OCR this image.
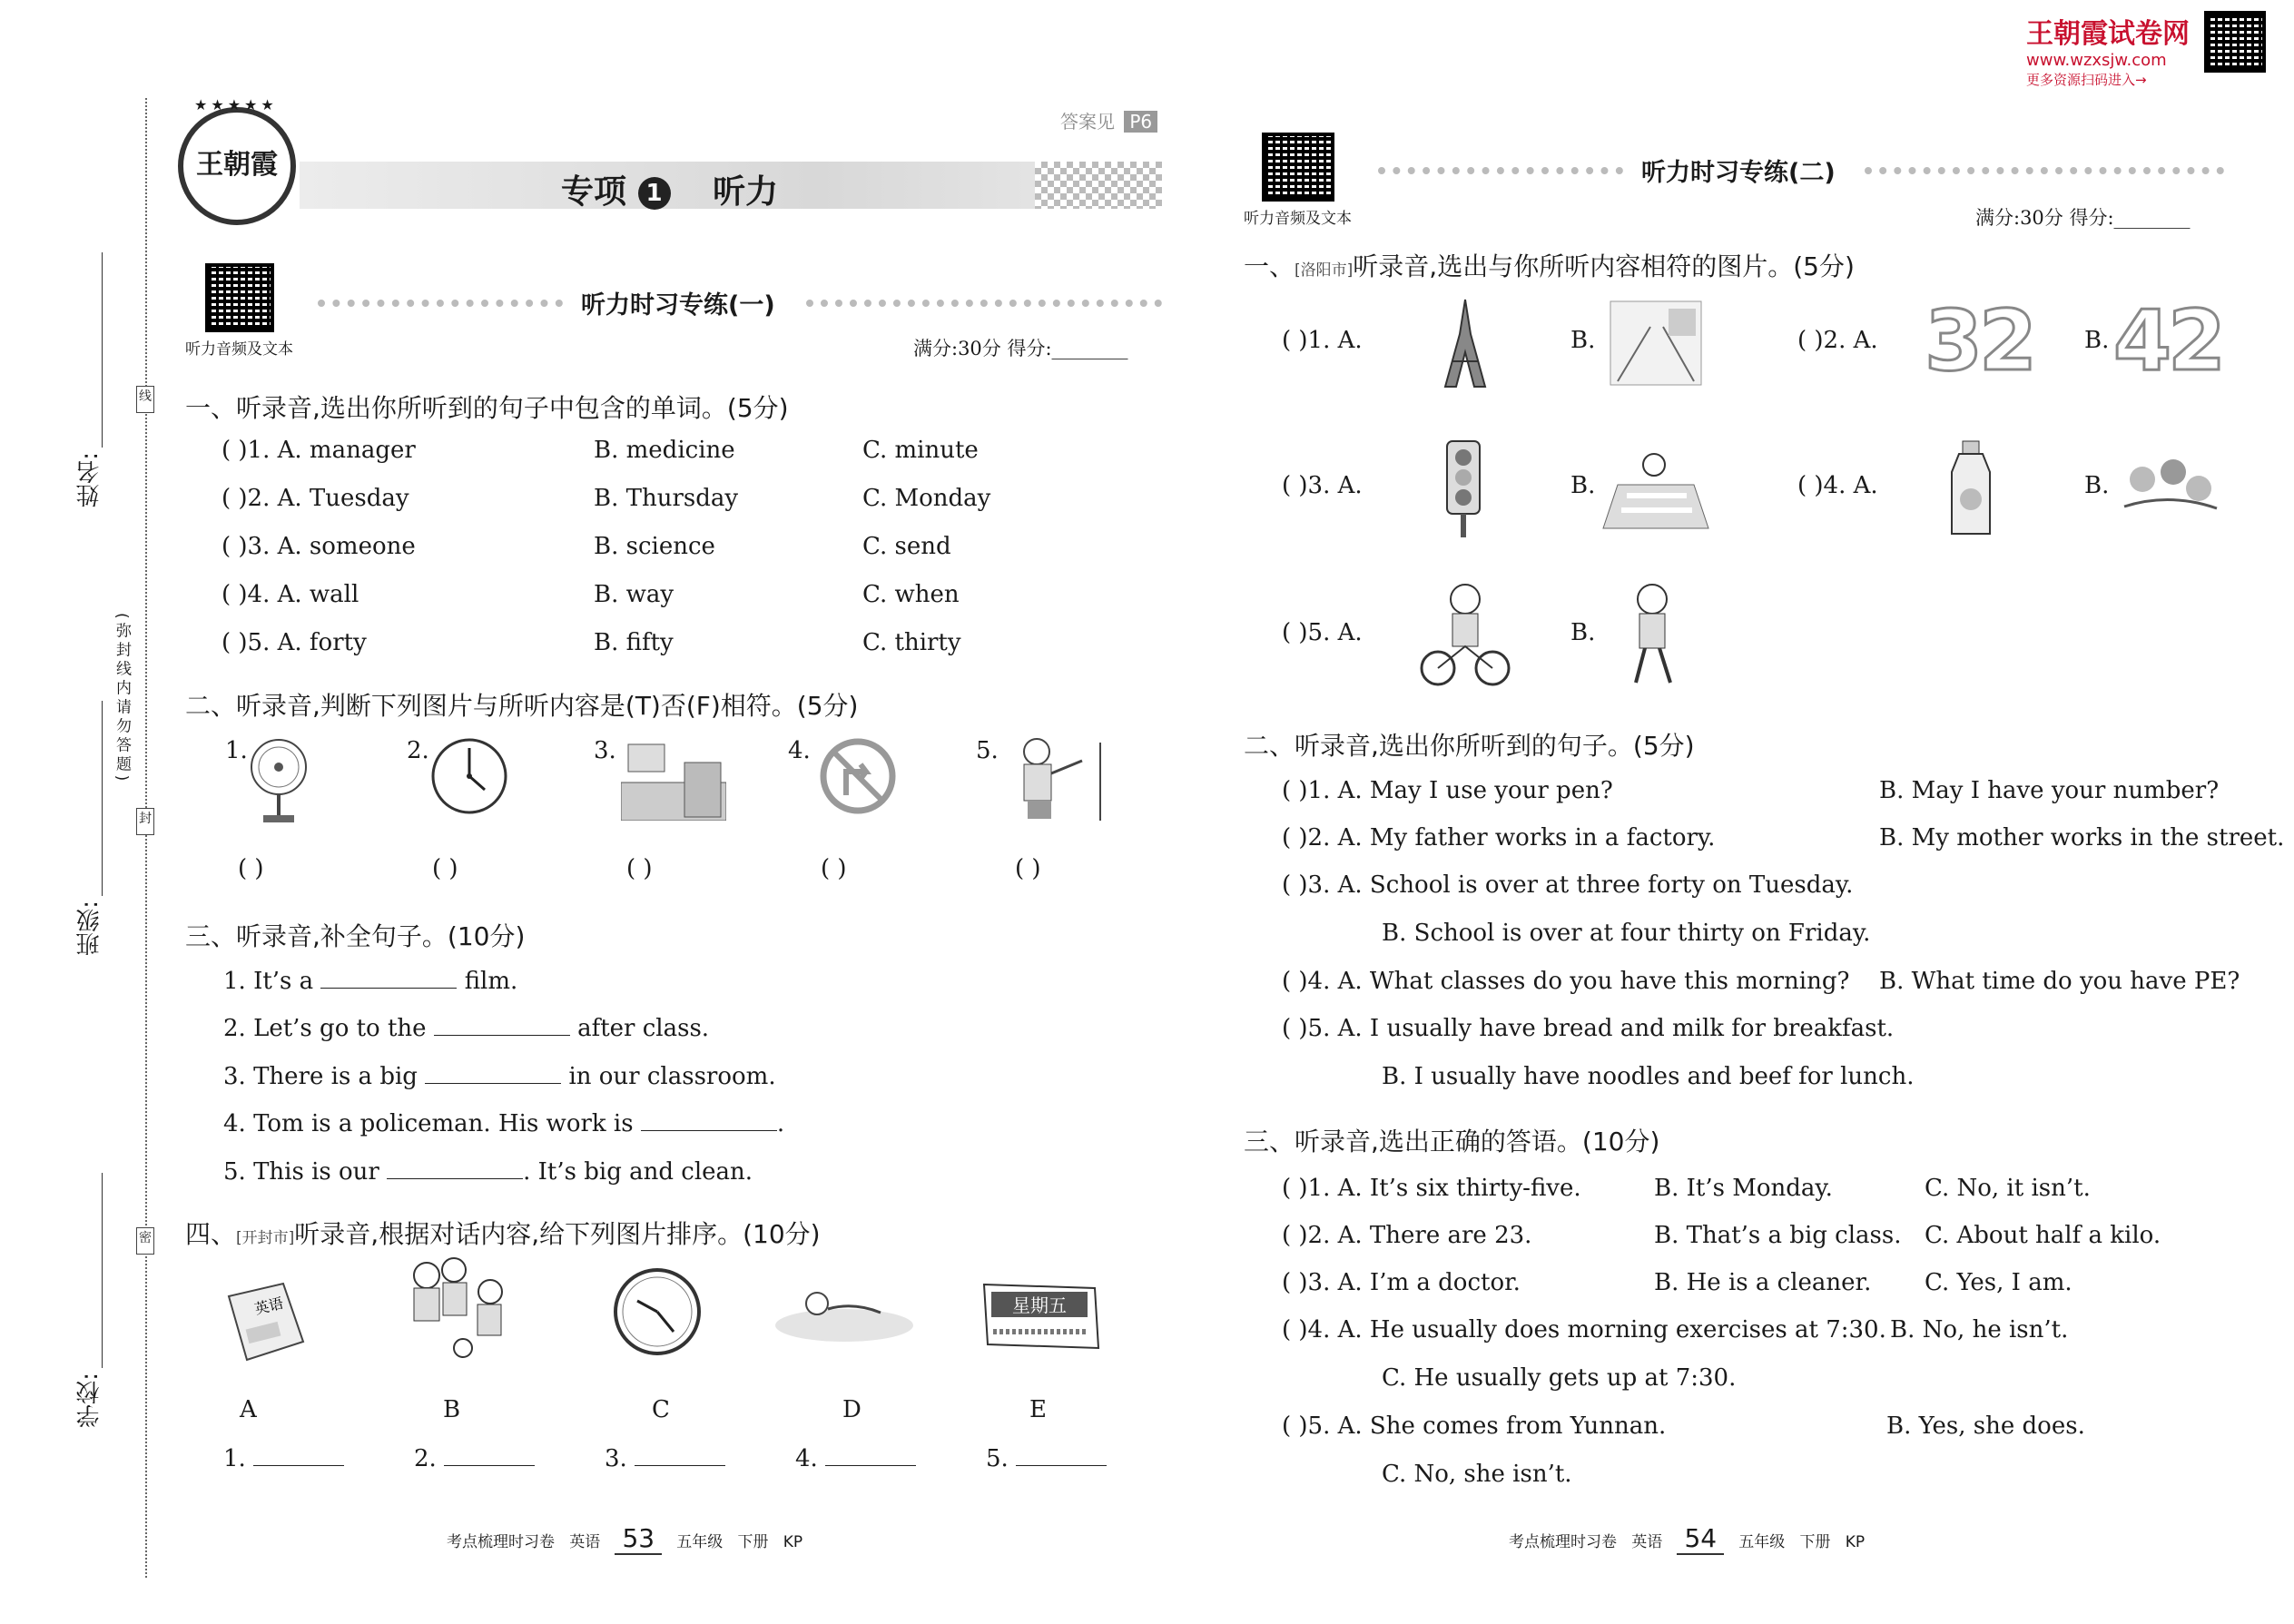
王朝霞试卷网
www.wzxsjw.com
更多资源扫码进入→
姓名:
班级:
学校:
(弥封线内请勿答题)
线
封
密
王朝霞
★★★★★
答案见 P6
专项 1 听力
听力音频及文本
听力时习专练(一)
满分:30分 得分:________
一、听录音,选出你所听到的句子中包含的单词。(5分)
( )1. A. manager	B. medicine	C. minute
( )2. A. Tuesday	B. Thursday	C. Monday
( )3. A. someone	B. science	C. send
( )4. A. wall	B. way	C. when
( )5. A. forty	B. fifty	C. thirty
二、听录音,判断下列图片与所听内容是(T)否(F)相符。(5分)
1.	2.	3.	4.	5.
( )	( )	( )	( )	( )
三、听录音,补全句子。(10分)
1. It’s a	film.
2. Let’s go to the	after class.
3. There is a big	in our classroom.
4. Tom is a policeman. His work is	.
5. This is our	. It’s big and clean.
四、[开封市]听录音,根据对话内容,给下列图片排序。(10分)
英语	星期五
A	B	C	D	E
1.	2.	3.	4.	5.
考点梳理时习卷 英语 53 五年级 下册 KP
听力音频及文本
听力时习专练(二)
满分:30分 得分:________
一、[洛阳市]听录音,选出与你所听内容相符的图片。(5分)
( )1. A.	B.	( )2. A. 32 B. 42
( )3. A.	B.	( )4. A.	B.
( )5. A.	B.
二、听录音,选出你所听到的句子。(5分)
( )1. A. May I use your pen?	B. May I have your number?
( )2. A. My father works in a factory.	B. My mother works in the street.
( )3. A. School is over at three forty on Tuesday.
B. School is over at four thirty on Friday.
( )4. A. What classes do you have this morning? B. What time do you have PE?
( )5. A. I usually have bread and milk for breakfast.
B. I usually have noodles and beef for lunch.
三、听录音,选出正确的答语。(10分)
( )1. A. It’s six thirty-five.	B. It’s Monday.	C. No, it isn’t.
( )2. A. There are 23.	B. That’s a big class. C. About half a kilo.
( )3. A. I’m a doctor.	B. He is a cleaner. C. Yes, I am.
( )4. A. He usually does morning exercises at 7:30. B. No, he isn’t.
C. He usually gets up at 7:30.
( )5. A. She comes from Yunnan.	B. Yes, she does.
C. No, she isn’t.
考点梳理时习卷 英语 54 五年级 下册 KP
